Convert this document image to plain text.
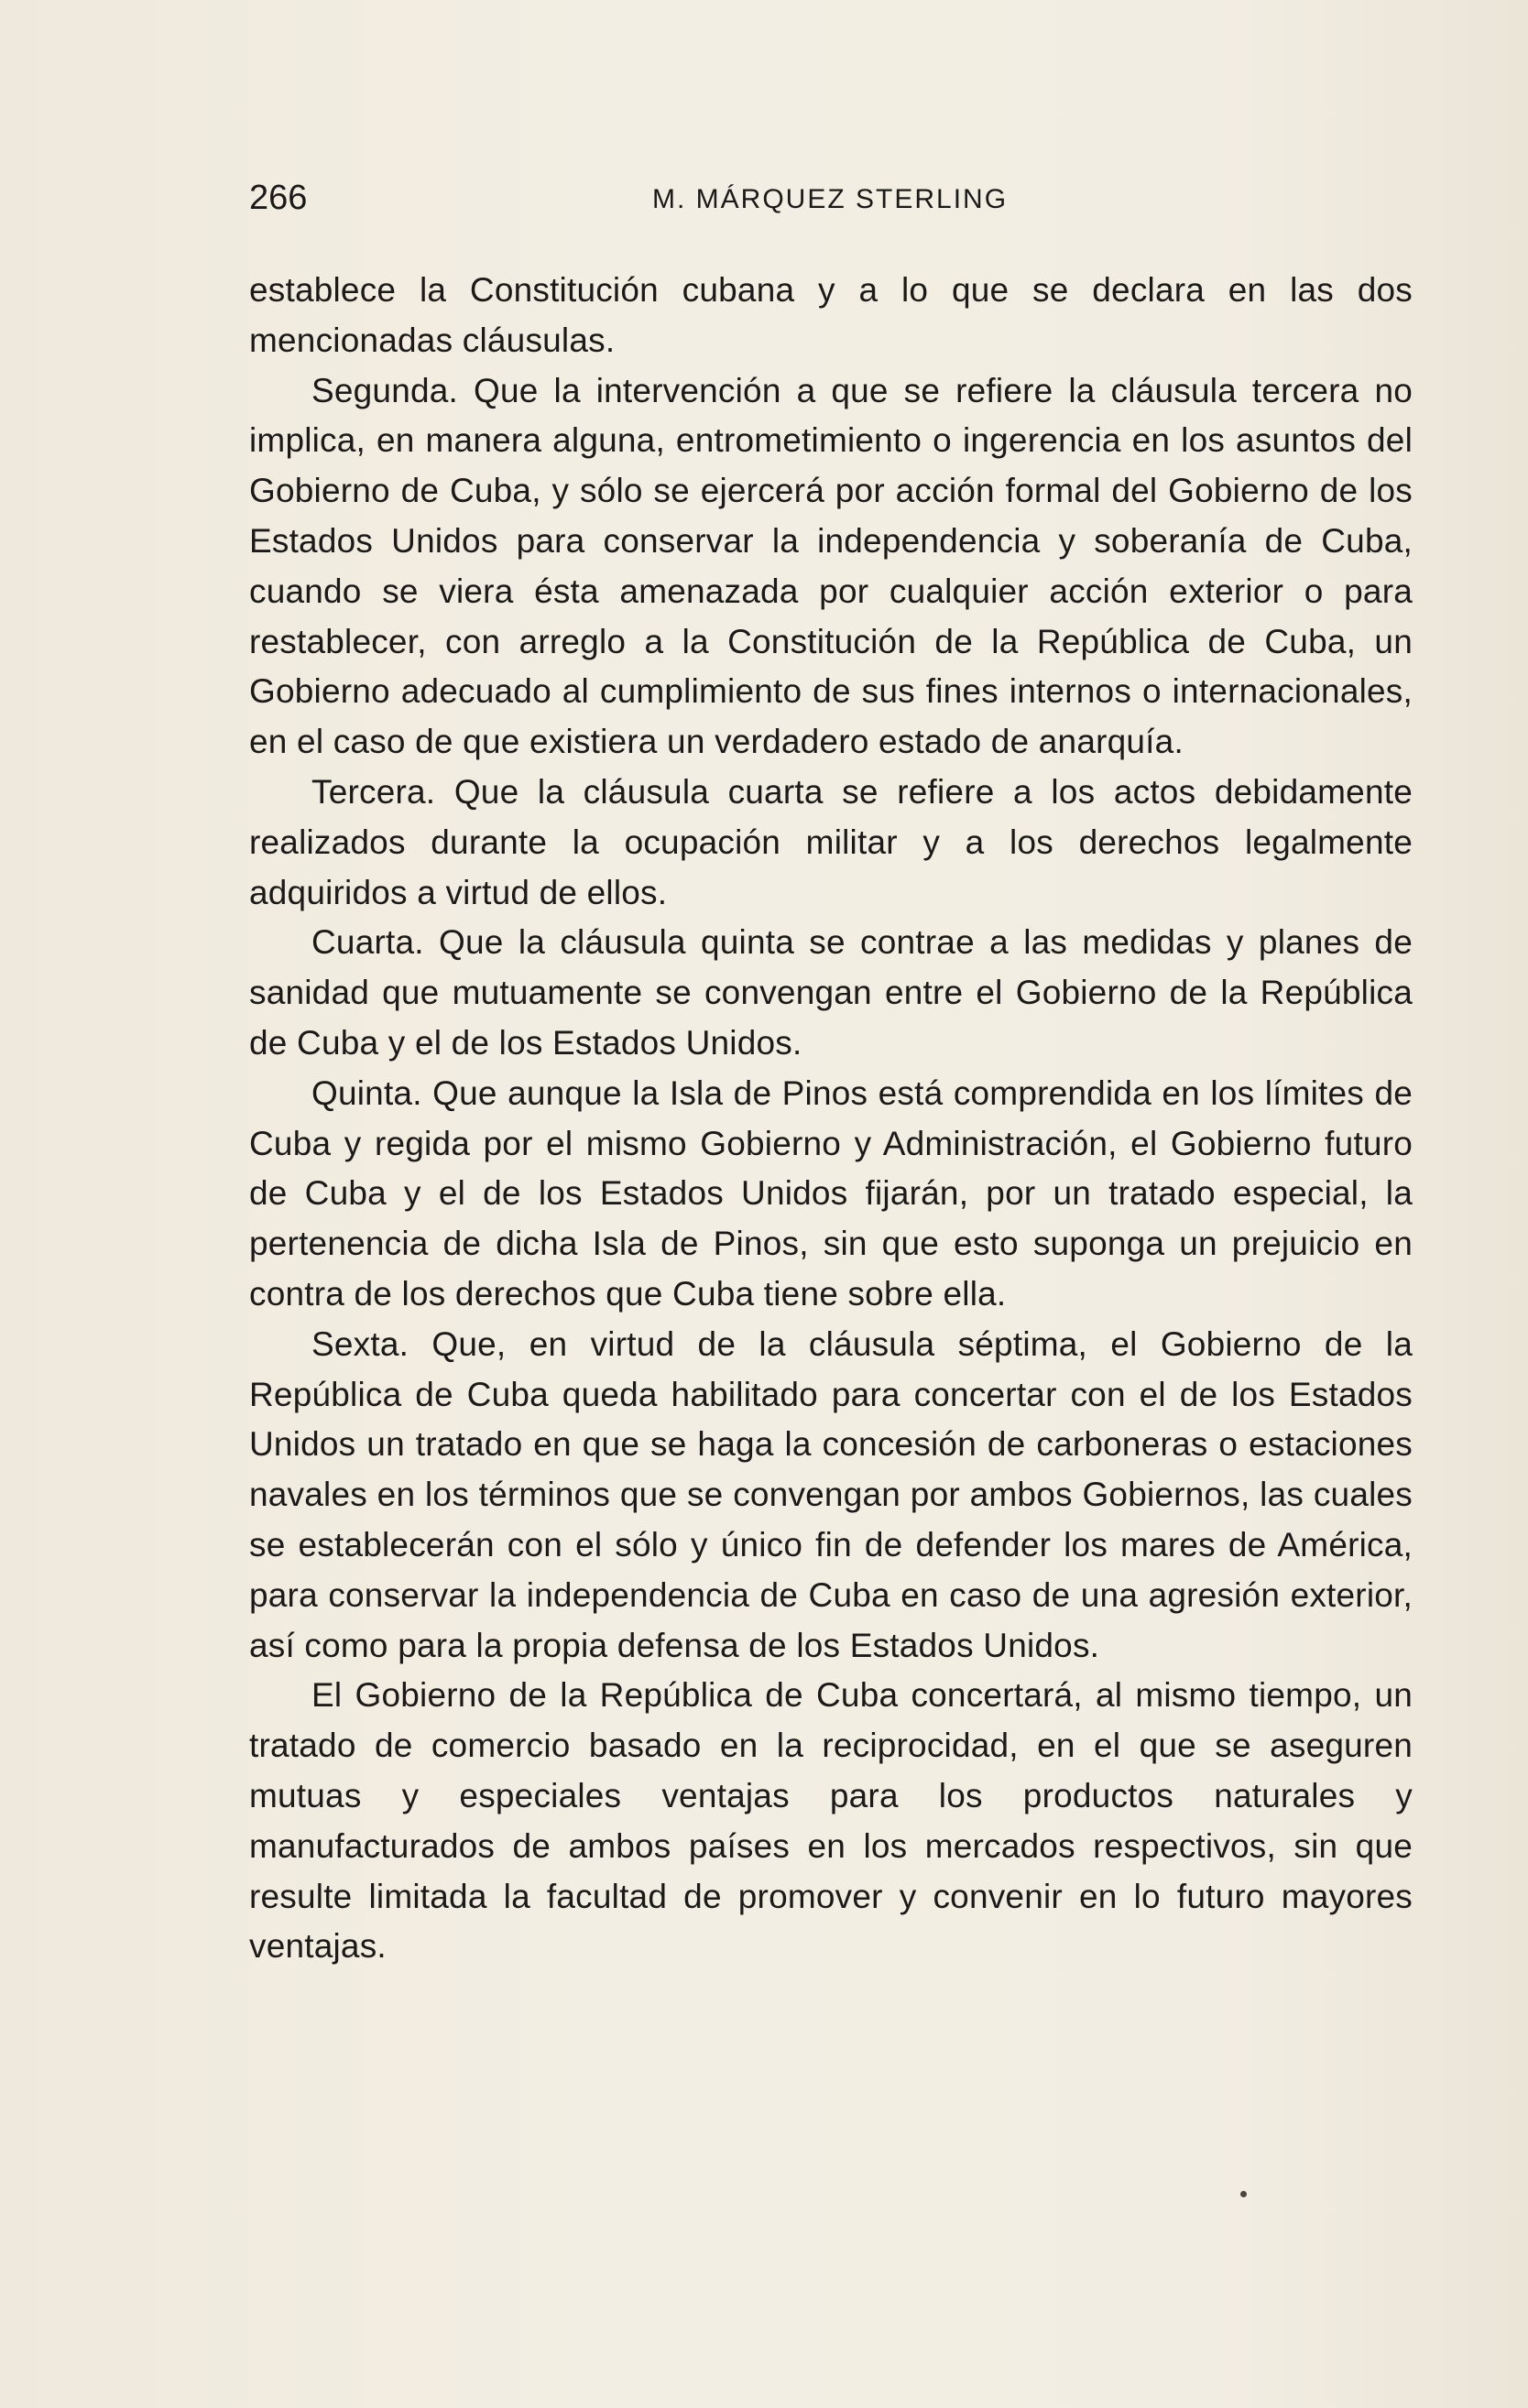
266	M. MÁRQUEZ STERLING

establece la Constitución cubana y a lo que se declara en las dos mencionadas cláusulas.

Segunda. Que la intervención a que se refiere la cláusula tercera no implica, en manera alguna, entrometimiento o ingerencia en los asuntos del Gobierno de Cuba, y sólo se ejercerá por acción formal del Gobierno de los Estados Unidos para conservar la independencia y soberanía de Cuba, cuando se viera ésta amenazada por cualquier acción exterior o para restablecer, con arreglo a la Constitución de la República de Cuba, un Gobierno adecuado al cumplimiento de sus fines internos o internacionales, en el caso de que existiera un verdadero estado de anarquía.

Tercera. Que la cláusula cuarta se refiere a los actos debidamente realizados durante la ocupación militar y a los derechos legalmente adquiridos a virtud de ellos.

Cuarta. Que la cláusula quinta se contrae a las medidas y planes de sanidad que mutuamente se convengan entre el Gobierno de la República de Cuba y el de los Estados Unidos.

Quinta. Que aunque la Isla de Pinos está comprendida en los límites de Cuba y regida por el mismo Gobierno y Administración, el Gobierno futuro de Cuba y el de los Estados Unidos fijarán, por un tratado especial, la pertenencia de dicha Isla de Pinos, sin que esto suponga un prejuicio en contra de los derechos que Cuba tiene sobre ella.

Sexta. Que, en virtud de la cláusula séptima, el Gobierno de la República de Cuba queda habilitado para concertar con el de los Estados Unidos un tratado en que se haga la concesión de carboneras o estaciones navales en los términos que se convengan por ambos Gobiernos, las cuales se establecerán con el sólo y único fin de defender los mares de América, para conservar la independencia de Cuba en caso de una agresión exterior, así como para la propia defensa de los Estados Unidos.

El Gobierno de la República de Cuba concertará, al mismo tiempo, un tratado de comercio basado en la reciprocidad, en el que se aseguren mutuas y especiales ventajas para los productos naturales y manufacturados de ambos países en los mercados respectivos, sin que resulte limitada la facultad de promover y convenir en lo futuro mayores ventajas.
